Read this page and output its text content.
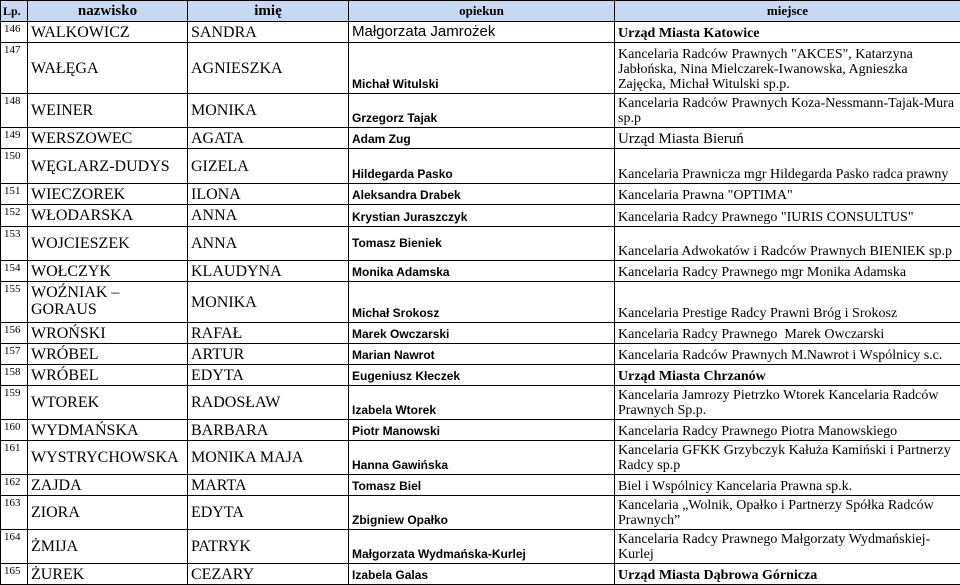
Lp.	nazwisko	imię	opiekun	miejsce
146	WALKOWICZ	SANDRA	Małgorzata Jamrożek	Urząd Miasta Katowice
147	WAŁĘGA	AGNIESZKA	Michał Witulski	Kancelaria Radców Prawnych "AKCES", Katarzyna Jabłońska, Nina Mielczarek-Iwanowska, Agnieszka Zajęcka, Michał Witulski sp.p.
148	WEINER	MONIKA	Grzegorz Tajak	Kancelaria Radców Prawnych Koza-Nessmann-Tajak-Mura sp.p
149	WERSZOWEC	AGATA	Adam Zug	Urząd Miasta Bieruń
150	WĘGLARZ-DUDYS	GIZELA	Hildegarda Pasko	Kancelaria Prawnicza mgr Hildegarda Pasko radca prawny
151	WIECZOREK	ILONA	Aleksandra Drabek	Kancelaria Prawna "OPTIMA"
152	WŁODARSKA	ANNA	Krystian Juraszczyk	Kancelaria Radcy Prawnego "IURIS CONSULTUS"
153	WOJCIESZEK	ANNA	Tomasz Bieniek	Kancelaria Adwokatów i Radców Prawnych BIENIEK sp.p
154	WOŁCZYK	KLAUDYNA	Monika Adamska	Kancelaria Radcy Prawnego mgr Monika Adamska
155	WOŹNIAK – GORAUS	MONIKA	Michał Srokosz	Kancelaria Prestige Radcy Prawni Bróg i Srokosz
156	WROŃSKI	RAFAŁ	Marek Owczarski	Kancelaria Radcy Prawnego  Marek Owczarski
157	WRÓBEL	ARTUR	Marian Nawrot	Kancelaria Radców Prawnych M.Nawrot i Wspólnicy s.c.
158	WRÓBEL	EDYTA	Eugeniusz Kłeczek	Urząd Miasta Chrzanów
159	WTOREK	RADOSŁAW	Izabela Wtorek	Kancelaria Jamrozy Pietrzko Wtorek Kancelaria Radców Prawnych Sp.p.
160	WYDMAŃSKA	BARBARA	Piotr Manowski	Kancelaria Radcy Prawnego Piotra Manowskiego
161	WYSTRYCHOWSKA	MONIKA MAJA	Hanna Gawińska	Kancelaria GFKK Grzybczyk Kałuża Kamiński i Partnerzy Radcy sp.p
162	ZAJDA	MARTA	Tomasz Biel	Biel i Wspólnicy Kancelaria Prawna sp.k.
163	ZIORA	EDYTA	Zbigniew Opałko	Kancelaria „Wolnik, Opałko i Partnerzy Spółka Radców Prawnych”
164	ŻMIJA	PATRYK	Małgorzata Wydmańska-Kurlej	Kancelaria Radcy Prawnego Małgorzaty Wydmańskiej-Kurlej
165	ŻUREK	CEZARY	Izabela Galas	Urząd Miasta Dąbrowa Górnicza
